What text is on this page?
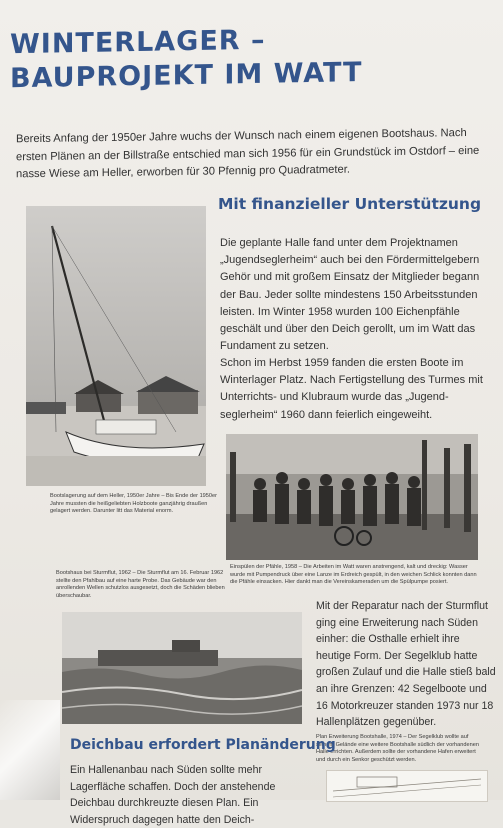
WINTERLAGER –
BAUPROJEKT IM WATT
Bereits Anfang der 1950er Jahre wuchs der Wunsch nach einem eigenen Bootshaus. Nach ersten Plänen an der Billstraße entschied man sich 1956 für ein Grundstück im Ostdorf – eine nasse Wiese am Heller, erworben für 30 Pfennig pro Quadratmeter.
Bootslagerung auf dem Heller, 1950er Jahre – Bis Ende der 1950er Jahre mussten die heißgeliebten Holzboote ganzjährig draußen gelagert werden. Darunter litt das Material enorm.
Mit finanzieller Unterstützung
Die geplante Halle fand unter dem Projektnamen „Jugendseglerheim“ auch bei den Fördermittelgebern Gehör und mit großem Einsatz der Mitglieder begann der Bau. Jeder sollte mindestens 150 Arbeitsstunden leisten. Im Winter 1958 wurden 100 Eichenpfähle geschält und über den Deich gerollt, um im Watt das Fundament zu setzen.
Schon im Herbst 1959 fanden die ersten Boote im Winterlager Platz. Nach Fertigstellung des Turmes mit Unterrichts- und Klubraum wurde das „Jugend-seglerheim“ 1960 dann feierlich eingeweiht.
Einspülen der Pfähle, 1958 – Die Arbeiten im Watt waren anstrengend, kalt und dreckig: Wasser wurde mit Pumpendruck über eine Lanze im Erdreich gespült, in den weichen Schlick konnten dann die Pfähle einsacken. Hier dankt man die Vereinskameraden um die Spülpumpe posiert.
Bootshaus bei Sturmflut, 1962 – Die Sturmflut am 16. Februar 1962 stellte den Pfahlbau auf eine harte Probe. Das Gebäude war den anrollenden Wellen schutzlos ausgesetzt, doch die Schäden blieben überschaubar.
Mit der Reparatur nach der Sturmflut ging eine Erweiterung nach Süden einher: die Osthalle erhielt ihre heutige Form. Der Segelklub hatte großen Zulauf und die Halle stieß bald an ihre Grenzen: 42 Segelboote und 16 Motorkreuzer standen 1973 nur 18 Hallenplätzen gegenüber.
Plan Erweiterung Bootshalle, 1974 – Der Segelklub wollte auf seinem Gelände eine weitere Bootshalle südlich der vorhandenen Halle errichten. Außerdem sollte der vorhandene Hafen erweitert und durch ein Senkor geschützt werden.
Deichbau erfordert Planänderung
Ein Hallenanbau nach Süden sollte mehr Lagerfläche schaffen. Doch der anstehende Deichbau durchkreuzte diesen Plan. Ein Widerspruch dagegen hatte den Deich-
